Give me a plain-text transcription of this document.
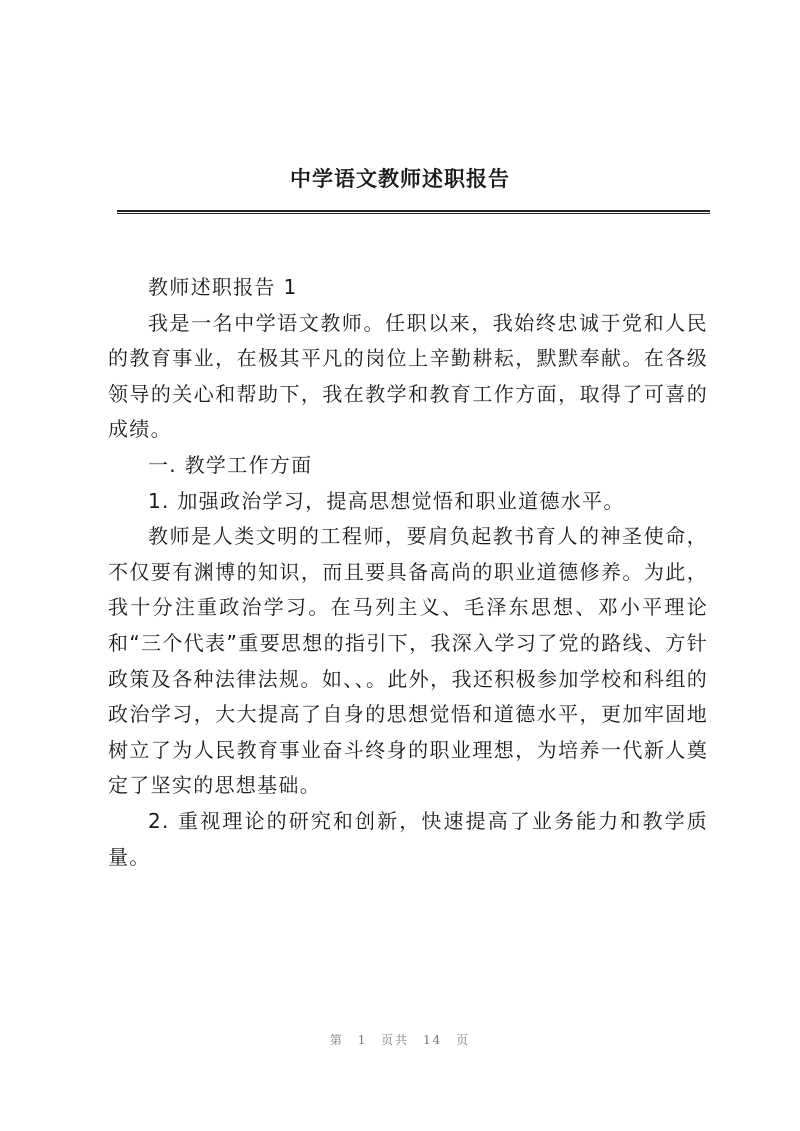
中学语文教师述职报告

教师述职报告 1

我是一名中学语文教师。任职以来，我始终忠诚于党和人民的教育事业，在极其平凡的岗位上辛勤耕耘，默默奉献。在各级领导的关心和帮助下，我在教学和教育工作方面，取得了可喜的成绩。

一. 教学工作方面

1. 加强政治学习，提高思想觉悟和职业道德水平。

教师是人类文明的工程师，要肩负起教书育人的神圣使命，不仅要有渊博的知识，而且要具备高尚的职业道德修养。为此，我十分注重政治学习。在马列主义、毛泽东思想、邓小平理论和“三个代表”重要思想的指引下，我深入学习了党的路线、方针政策及各种法律法规。如、、。此外，我还积极参加学校和科组的政治学习，大大提高了自身的思想觉悟和道德水平，更加牢固地树立了为人民教育事业奋斗终身的职业理想，为培养一代新人奠定了坚实的思想基础。

2. 重视理论的研究和创新，快速提高了业务能力和教学质量。

第 1 页共 14 页
